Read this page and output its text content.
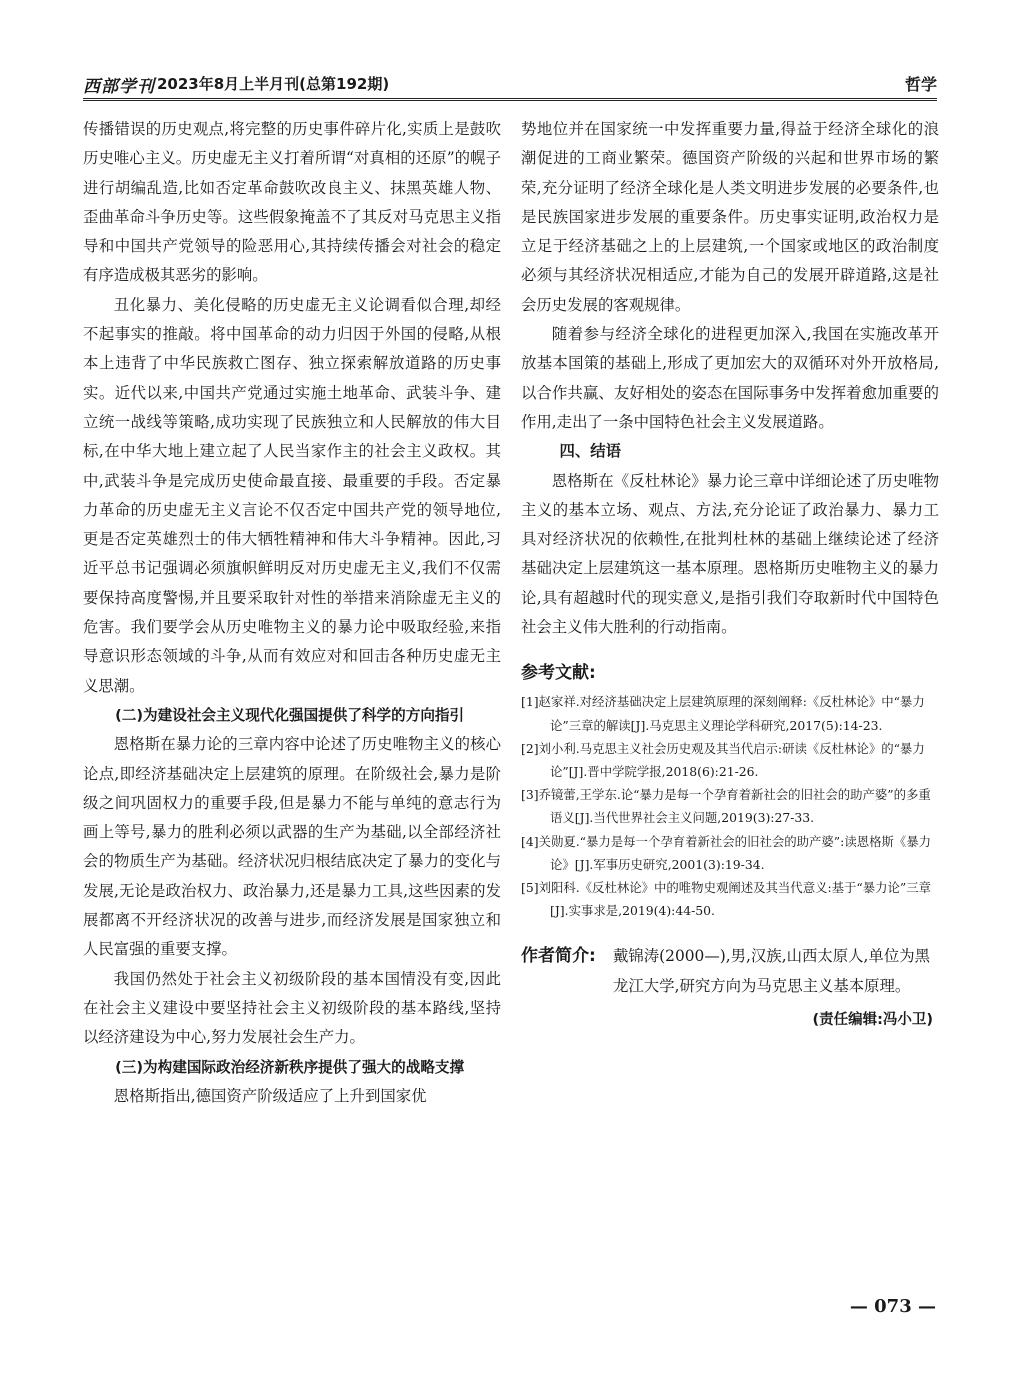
西部学刊 2023年8月上半月刊(总第192期)	哲学

传播错误的历史观点,将完整的历史事件碎片化,实质上是鼓吹历史唯心主义。历史虚无主义打着所谓“对真相的还原”的幌子进行胡编乱造,比如否定革命鼓吹改良主义、抹黑英雄人物、歪曲革命斗争历史等。这些假象掩盖不了其反对马克思主义指导和中国共产党领导的险恶用心,其持续传播会对社会的稳定有序造成极其恶劣的影响。

丑化暴力、美化侵略的历史虚无主义论调看似合理,却经不起事实的推敲。将中国革命的动力归因于外国的侵略,从根本上违背了中华民族救亡图存、独立探索解放道路的历史事实。近代以来,中国共产党通过实施土地革命、武装斗争、建立统一战线等策略,成功实现了民族独立和人民解放的伟大目标,在中华大地上建立起了人民当家作主的社会主义政权。其中,武装斗争是完成历史使命最直接、最重要的手段。否定暴力革命的历史虚无主义言论不仅否定中国共产党的领导地位,更是否定英雄烈士的伟大牺牲精神和伟大斗争精神。因此,习近平总书记强调必须旗帜鲜明反对历史虚无主义,我们不仅需要保持高度警惕,并且要采取针对性的举措来消除虚无主义的危害。我们要学会从历史唯物主义的暴力论中吸取经验,来指导意识形态领域的斗争,从而有效应对和回击各种历史虚无主义思潮。

(二)为建设社会主义现代化强国提供了科学的方向指引

恩格斯在暴力论的三章内容中论述了历史唯物主义的核心论点,即经济基础决定上层建筑的原理。在阶级社会,暴力是阶级之间巩固权力的重要手段,但是暴力不能与单纯的意志行为画上等号,暴力的胜利必须以武器的生产为基础,以全部经济社会的物质生产为基础。经济状况归根结底决定了暴力的变化与发展,无论是政治权力、政治暴力,还是暴力工具,这些因素的发展都离不开经济状况的改善与进步,而经济发展是国家独立和人民富强的重要支撑。

我国仍然处于社会主义初级阶段的基本国情没有变,因此在社会主义建设中要坚持社会主义初级阶段的基本路线,坚持以经济建设为中心,努力发展社会生产力。

(三)为构建国际政治经济新秩序提供了强大的战略支撑

恩格斯指出,德国资产阶级适应了上升到国家优

势地位并在国家统一中发挥重要力量,得益于经济全球化的浪潮促进的工商业繁荣。德国资产阶级的兴起和世界市场的繁荣,充分证明了经济全球化是人类文明进步发展的必要条件,也是民族国家进步发展的重要条件。历史事实证明,政治权力是立足于经济基础之上的上层建筑,一个国家或地区的政治制度必须与其经济状况相适应,才能为自己的发展开辟道路,这是社会历史发展的客观规律。

随着参与经济全球化的进程更加深入,我国在实施改革开放基本国策的基础上,形成了更加宏大的双循环对外开放格局,以合作共赢、友好相处的姿态在国际事务中发挥着愈加重要的作用,走出了一条中国特色社会主义发展道路。

四、结语

恩格斯在《反杜林论》暴力论三章中详细论述了历史唯物主义的基本立场、观点、方法,充分论证了政治暴力、暴力工具对经济状况的依赖性,在批判杜林的基础上继续论述了经济基础决定上层建筑这一基本原理。恩格斯历史唯物主义的暴力论,具有超越时代的现实意义,是指引我们夺取新时代中国特色社会主义伟大胜利的行动指南。

参考文献:
[1]赵家祥.对经济基础决定上层建筑原理的深刻阐释:《反杜林论》中“暴力论”三章的解读[J].马克思主义理论学科研究,2017(5):14-23.
[2]刘小利.马克思主义社会历史观及其当代启示:研读《反杜林论》的“暴力论”[J].晋中学院学报,2018(6):21-26.
[3]乔镜蕾,王学东.论“暴力是每一个孕育着新社会的旧社会的助产婆”的多重语义[J].当代世界社会主义问题,2019(3):27-33.
[4]关勋夏.“暴力是每一个孕育着新社会的旧社会的助产婆”:读恩格斯《暴力论》[J].军事历史研究,2001(3):19-34.
[5]刘阳科.《反杜林论》中的唯物史观阐述及其当代意义:基于“暴力论”三章[J].实事求是,2019(4):44-50.
作者简介: 戴锦涛(2000—),男,汉族,山西太原人,单位为黑龙江大学,研究方向为马克思主义基本原理。
(责任编辑:冯小卫)
— 073 —
